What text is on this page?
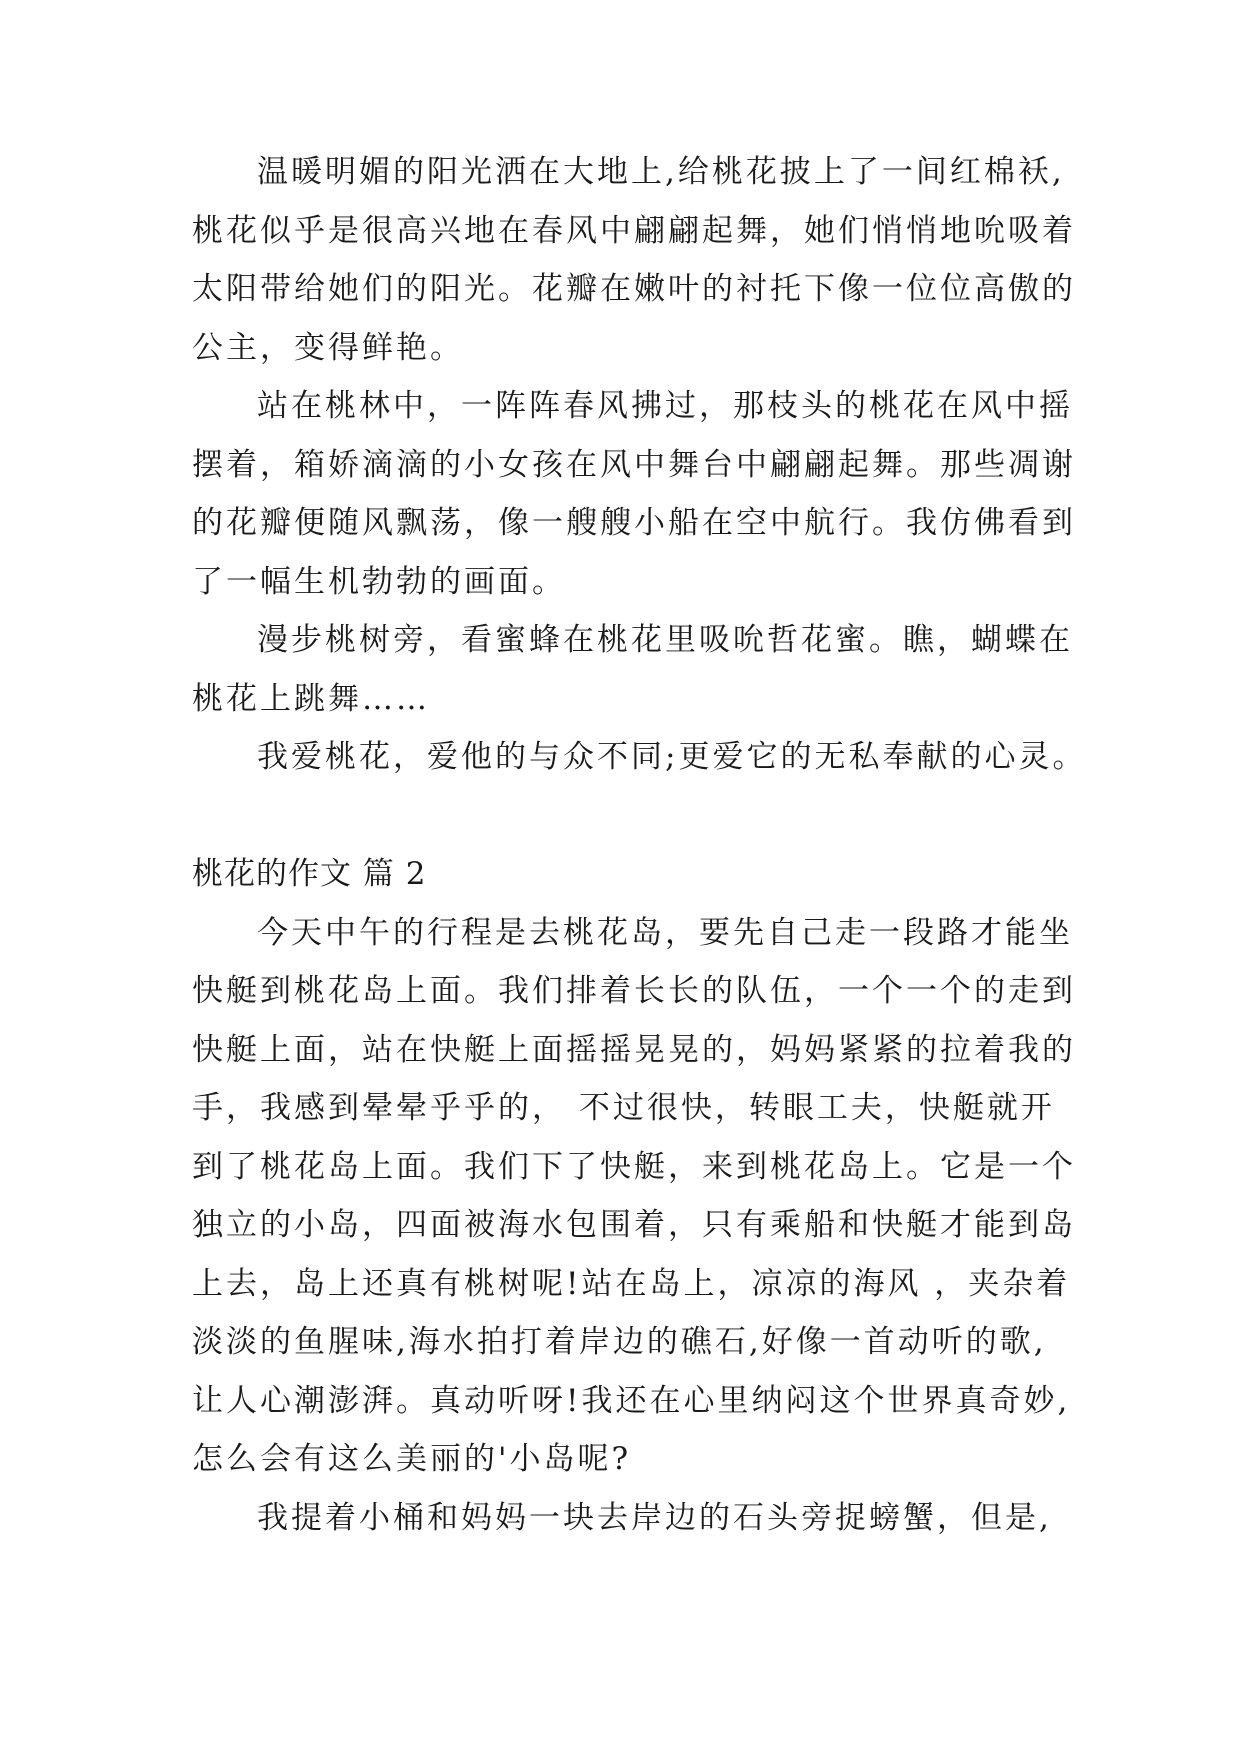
温暖明媚的阳光洒在大地上,给桃花披上了一间红棉袄,
桃花似乎是很高兴地在春风中翩翩起舞，她们悄悄地吮吸着
太阳带给她们的阳光。花瓣在嫩叶的衬托下像一位位高傲的
公主，变得鲜艳。
站在桃林中，一阵阵春风拂过，那枝头的桃花在风中摇
摆着，箱娇滴滴的小女孩在风中舞台中翩翩起舞。那些凋谢
的花瓣便随风飘荡，像一艘艘小船在空中航行。我仿佛看到
了一幅生机勃勃的画面。
漫步桃树旁，看蜜蜂在桃花里吸吮哲花蜜。瞧，蝴蝶在
桃花上跳舞……
我爱桃花，爱他的与众不同;更爱它的无私奉献的心灵。
桃花的作文 篇 2
今天中午的行程是去桃花岛，要先自己走一段路才能坐
快艇到桃花岛上面。我们排着长长的队伍，一个一个的走到
快艇上面，站在快艇上面摇摇晃晃的，妈妈紧紧的拉着我的
手，我感到晕晕乎乎的， 不过很快，转眼工夫，快艇就开
到了桃花岛上面。我们下了快艇，来到桃花岛上。它是一个
独立的小岛，四面被海水包围着，只有乘船和快艇才能到岛
上去，岛上还真有桃树呢!站在岛上，凉凉的海风 ，夹杂着
淡淡的鱼腥味,海水拍打着岸边的礁石,好像一首动听的歌,
让人心潮澎湃。真动听呀!我还在心里纳闷这个世界真奇妙,
怎么会有这么美丽的'小岛呢?
我提着小桶和妈妈一块去岸边的石头旁捉螃蟹，但是,
